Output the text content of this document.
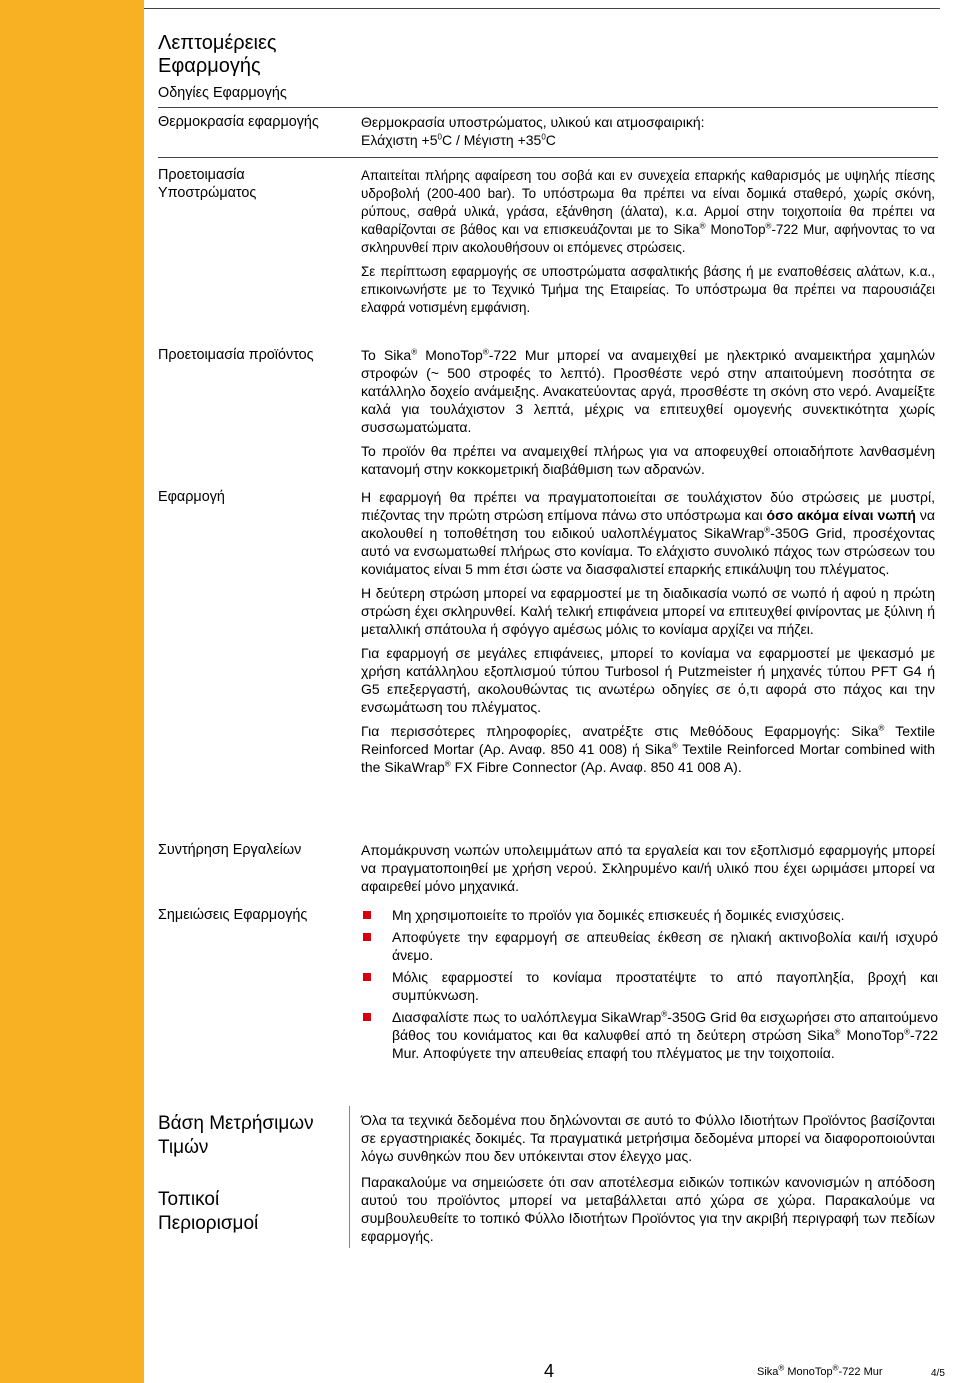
Λεπτομέρειες
Εφαρμογής
Οδηγίες Εφαρμογής
Θερμοκρασία εφαρμογής	Θερμοκρασία υποστρώματος, υλικού και ατμοσφαιρική:
$E\lambda ά\chi\iota\sigma\tau\eta +5^0C / Mέ\gamma\iota\sigma\tau\eta +35^0C$
Προετοιμασία
Υποστρώματος

Απαιτείται πλήρης αφαίρεση του σοβά και εν συνεχεία επαρκής καθαρισμός με υψηλής πίεσης υδροβολή (200-400 bar). Το υπόστρωμα θα πρέπει να είναι δομικά σταθερό, χωρίς σκόνη, ρύπους, σαθρά υλικά, γράσα, εξάνθηση (άλατα), κ.α. Αρμοί στην τοιχοποιία θα πρέπει να καθαρίζονται σε βάθος και να επισκευάζονται με το Sika® MonoTop®-722 Mur, αφήνοντας το να σκληρυνθεί πριν ακολουθήσουν οι επόμενες στρώσεις.

Σε περίπτωση εφαρμογής σε υποστρώματα ασφαλτικής βάσης ή με εναποθέσεις αλάτων, κ.α., επικοινωνήστε με το Τεχνικό Τμήμα της Εταιρείας. Το υπόστρωμα θα πρέπει να παρουσιάζει ελαφρά νοτισμένη εμφάνιση.

Προετοιμασία προϊόντος	Το Sika® MonoTop®-722 Mur μπορεί να αναμειχθεί με ηλεκτρικό αναμεικτήρα χαμηλών στροφών (~ 500 στροφές το λεπτό). Προσθέστε νερό στην απαιτούμενη ποσότητα σε κατάλληλο δοχείο ανάμειξης. Ανακατεύοντας αργά, προσθέστε τη σκόνη στο νερό. Αναμείξτε καλά για τουλάχιστον 3 λεπτά, μέχρις να επιτευχθεί ομογενής συνεκτικότητα χωρίς συσσωματώματα.

Το προϊόν θα πρέπει να αναμειχθεί πλήρως για να αποφευχθεί οποιαδήποτε λανθασμένη κατανομή στην κοκκομετρική διαβάθμιση των αδρανών.

Εφαρμογή	Η εφαρμογή θα πρέπει να πραγματοποιείται σε τουλάχιστον δύο στρώσεις με μυστρί, πιέζοντας την πρώτη στρώση επίμονα πάνω στο υπόστρωμα και όσο ακόμα είναι νωπή να ακολουθεί η τοποθέτηση του ειδικού υαλοπλέγματος SikaWrap®-350G Grid, προσέχοντας αυτό να ενσωματωθεί πλήρως στο κονίαμα. Το ελάχιστο συνολικό πάχος των στρώσεων του κονιάματος είναι 5 mm έτσι ώστε να διασφαλιστεί επαρκής επικάλυψη του πλέγματος.

Η δεύτερη στρώση μπορεί να εφαρμοστεί με τη διαδικασία νωπό σε νωπό ή αφού η πρώτη στρώση έχει σκληρυνθεί. Καλή τελική επιφάνεια μπορεί να επιτευχθεί φινίροντας με ξύλινη ή μεταλλική σπάτουλα ή σφόγγο αμέσως μόλις το κονίαμα αρχίζει να πήζει.

Για εφαρμογή σε μεγάλες επιφάνειες, μπορεί το κονίαμα να εφαρμοστεί με ψεκασμό με χρήση κατάλληλου εξοπλισμού τύπου Turbosol ή Putzmeister ή μηχανές τύπου PFT G4 ή G5 επεξεργαστή, ακολουθώντας τις ανωτέρω οδηγίες σε ό,τι αφορά στο πάχος και την ενσωμάτωση του πλέγματος.

Για περισσότερες πληροφορίες, ανατρέξτε στις Μεθόδους Εφαρμογής: Sika® Textile Reinforced Mortar (Αρ. Αναφ. 850 41 008) ή Sika® Textile Reinforced Mortar combined with the SikaWrap® FX Fibre Connector (Αρ. Αναφ. 850 41 008 Α).

Συντήρηση Εργαλείων	Απομάκρυνση νωπών υπολειμμάτων από τα εργαλεία και τον εξοπλισμό εφαρμογής μπορεί να πραγματοποιηθεί με χρήση νερού. Σκληρυμένο και/ή υλικό που έχει ωριμάσει μπορεί να αφαιρεθεί μόνο μηχανικά.

Σημειώσεις Εφαρμογής	Μη χρησιμοποιείτε το προϊόν για δομικές επισκευές ή δομικές ενισχύσεις.
Αποφύγετε την εφαρμογή σε απευθείας έκθεση σε ηλιακή ακτινοβολία και/ή ισχυρό άνεμο.
Μόλις εφαρμοστεί το κονίαμα προστατέψτε το από παγοπληξία, βροχή και συμπύκνωση.
Διασφαλίστε πως το υαλόπλεγμα SikaWrap®-350G Grid θα εισχωρήσει στο απαιτούμενο βάθος του κονιάματος και θα καλυφθεί από τη δεύτερη στρώση Sika® MonoTop®-722 Mur. Αποφύγετε την απευθείας επαφή του πλέγματος με την τοιχοποιία.
Βάση Μετρήσιμων
Τιμών

Όλα τα τεχνικά δεδομένα που δηλώνονται σε αυτό το Φύλλο Ιδιοτήτων Προϊόντος βασίζονται σε εργαστηριακές δοκιμές. Τα πραγματικά μετρήσιμα δεδομένα μπορεί να διαφοροποιούνται λόγω συνθηκών που δεν υπόκεινται στον έλεγχο μας.

Τοπικοί
Περιορισμοί

Παρακαλούμε να σημειώσετε ότι σαν αποτέλεσμα ειδικών τοπικών κανονισμών η απόδοση αυτού του προϊόντος μπορεί να μεταβάλλεται από χώρα σε χώρα. Παρακαλούμε να συμβουλευθείτε το τοπικό Φύλλο Ιδιοτήτων Προϊόντος για την ακριβή περιγραφή των πεδίων εφαρμογής.

4	Sika® MonoTop®-722 Mur	4/5
